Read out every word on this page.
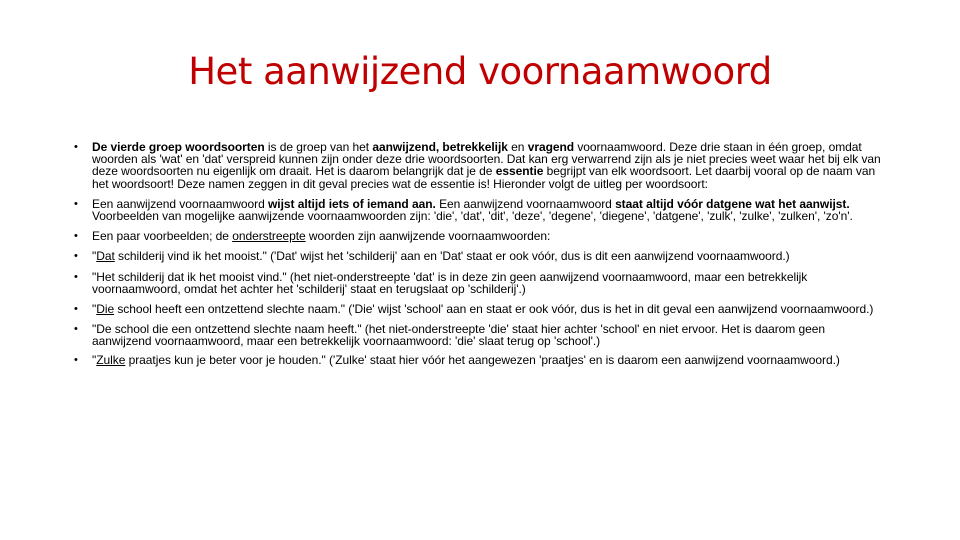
Het aanwijzend voornaamwoord
• De vierde groep woordsoorten is de groep van het aanwijzend, betrekkelijk en vragend voornaamwoord. Deze drie staan in één groep, omdat woorden als 'wat' en 'dat' verspreid kunnen zijn onder deze drie woordsoorten. Dat kan erg verwarrend zijn als je niet precies weet waar het bij elk van deze woordsoorten nu eigenlijk om draait. Het is daarom belangrijk dat je de essentie begrijpt van elk woordsoort. Let daarbij vooral op de naam van het woordsoort! Deze namen zeggen in dit geval precies wat de essentie is! Hieronder volgt de uitleg per woordsoort:
• Een aanwijzend voornaamwoord wijst altijd iets of iemand aan. Een aanwijzend voornaamwoord staat altijd vóór datgene wat het aanwijst. Voorbeelden van mogelijke aanwijzende voornaamwoorden zijn: 'die', 'dat', 'dit', 'deze', 'degene', 'diegene', 'datgene', 'zulk', 'zulke', 'zulken', 'zo'n'.
• Een paar voorbeelden; de onderstreepte woorden zijn aanwijzende voornaamwoorden:
• "Dat schilderij vind ik het mooist." ('Dat' wijst het 'schilderij' aan en 'Dat' staat er ook vóór, dus is dit een aanwijzend voornaamwoord.)
• "Het schilderij dat ik het mooist vind." (het niet-onderstreepte 'dat' is in deze zin geen aanwijzend voornaamwoord, maar een betrekkelijk voornaamwoord, omdat het achter het 'schilderij' staat en terugslaat op 'schilderij'.)
• "Die school heeft een ontzettend slechte naam." ('Die' wijst 'school' aan en staat er ook vóór, dus is het in dit geval een aanwijzend voornaamwoord.)
• "De school die een ontzettend slechte naam heeft." (het niet-onderstreepte 'die' staat hier achter 'school' en niet ervoor. Het is daarom geen aanwijzend voornaamwoord, maar een betrekkelijk voornaamwoord: 'die' slaat terug op 'school'.)
• "Zulke praatjes kun je beter voor je houden." ('Zulke' staat hier vóór het aangewezen 'praatjes' en is daarom een aanwijzend voornaamwoord.)
